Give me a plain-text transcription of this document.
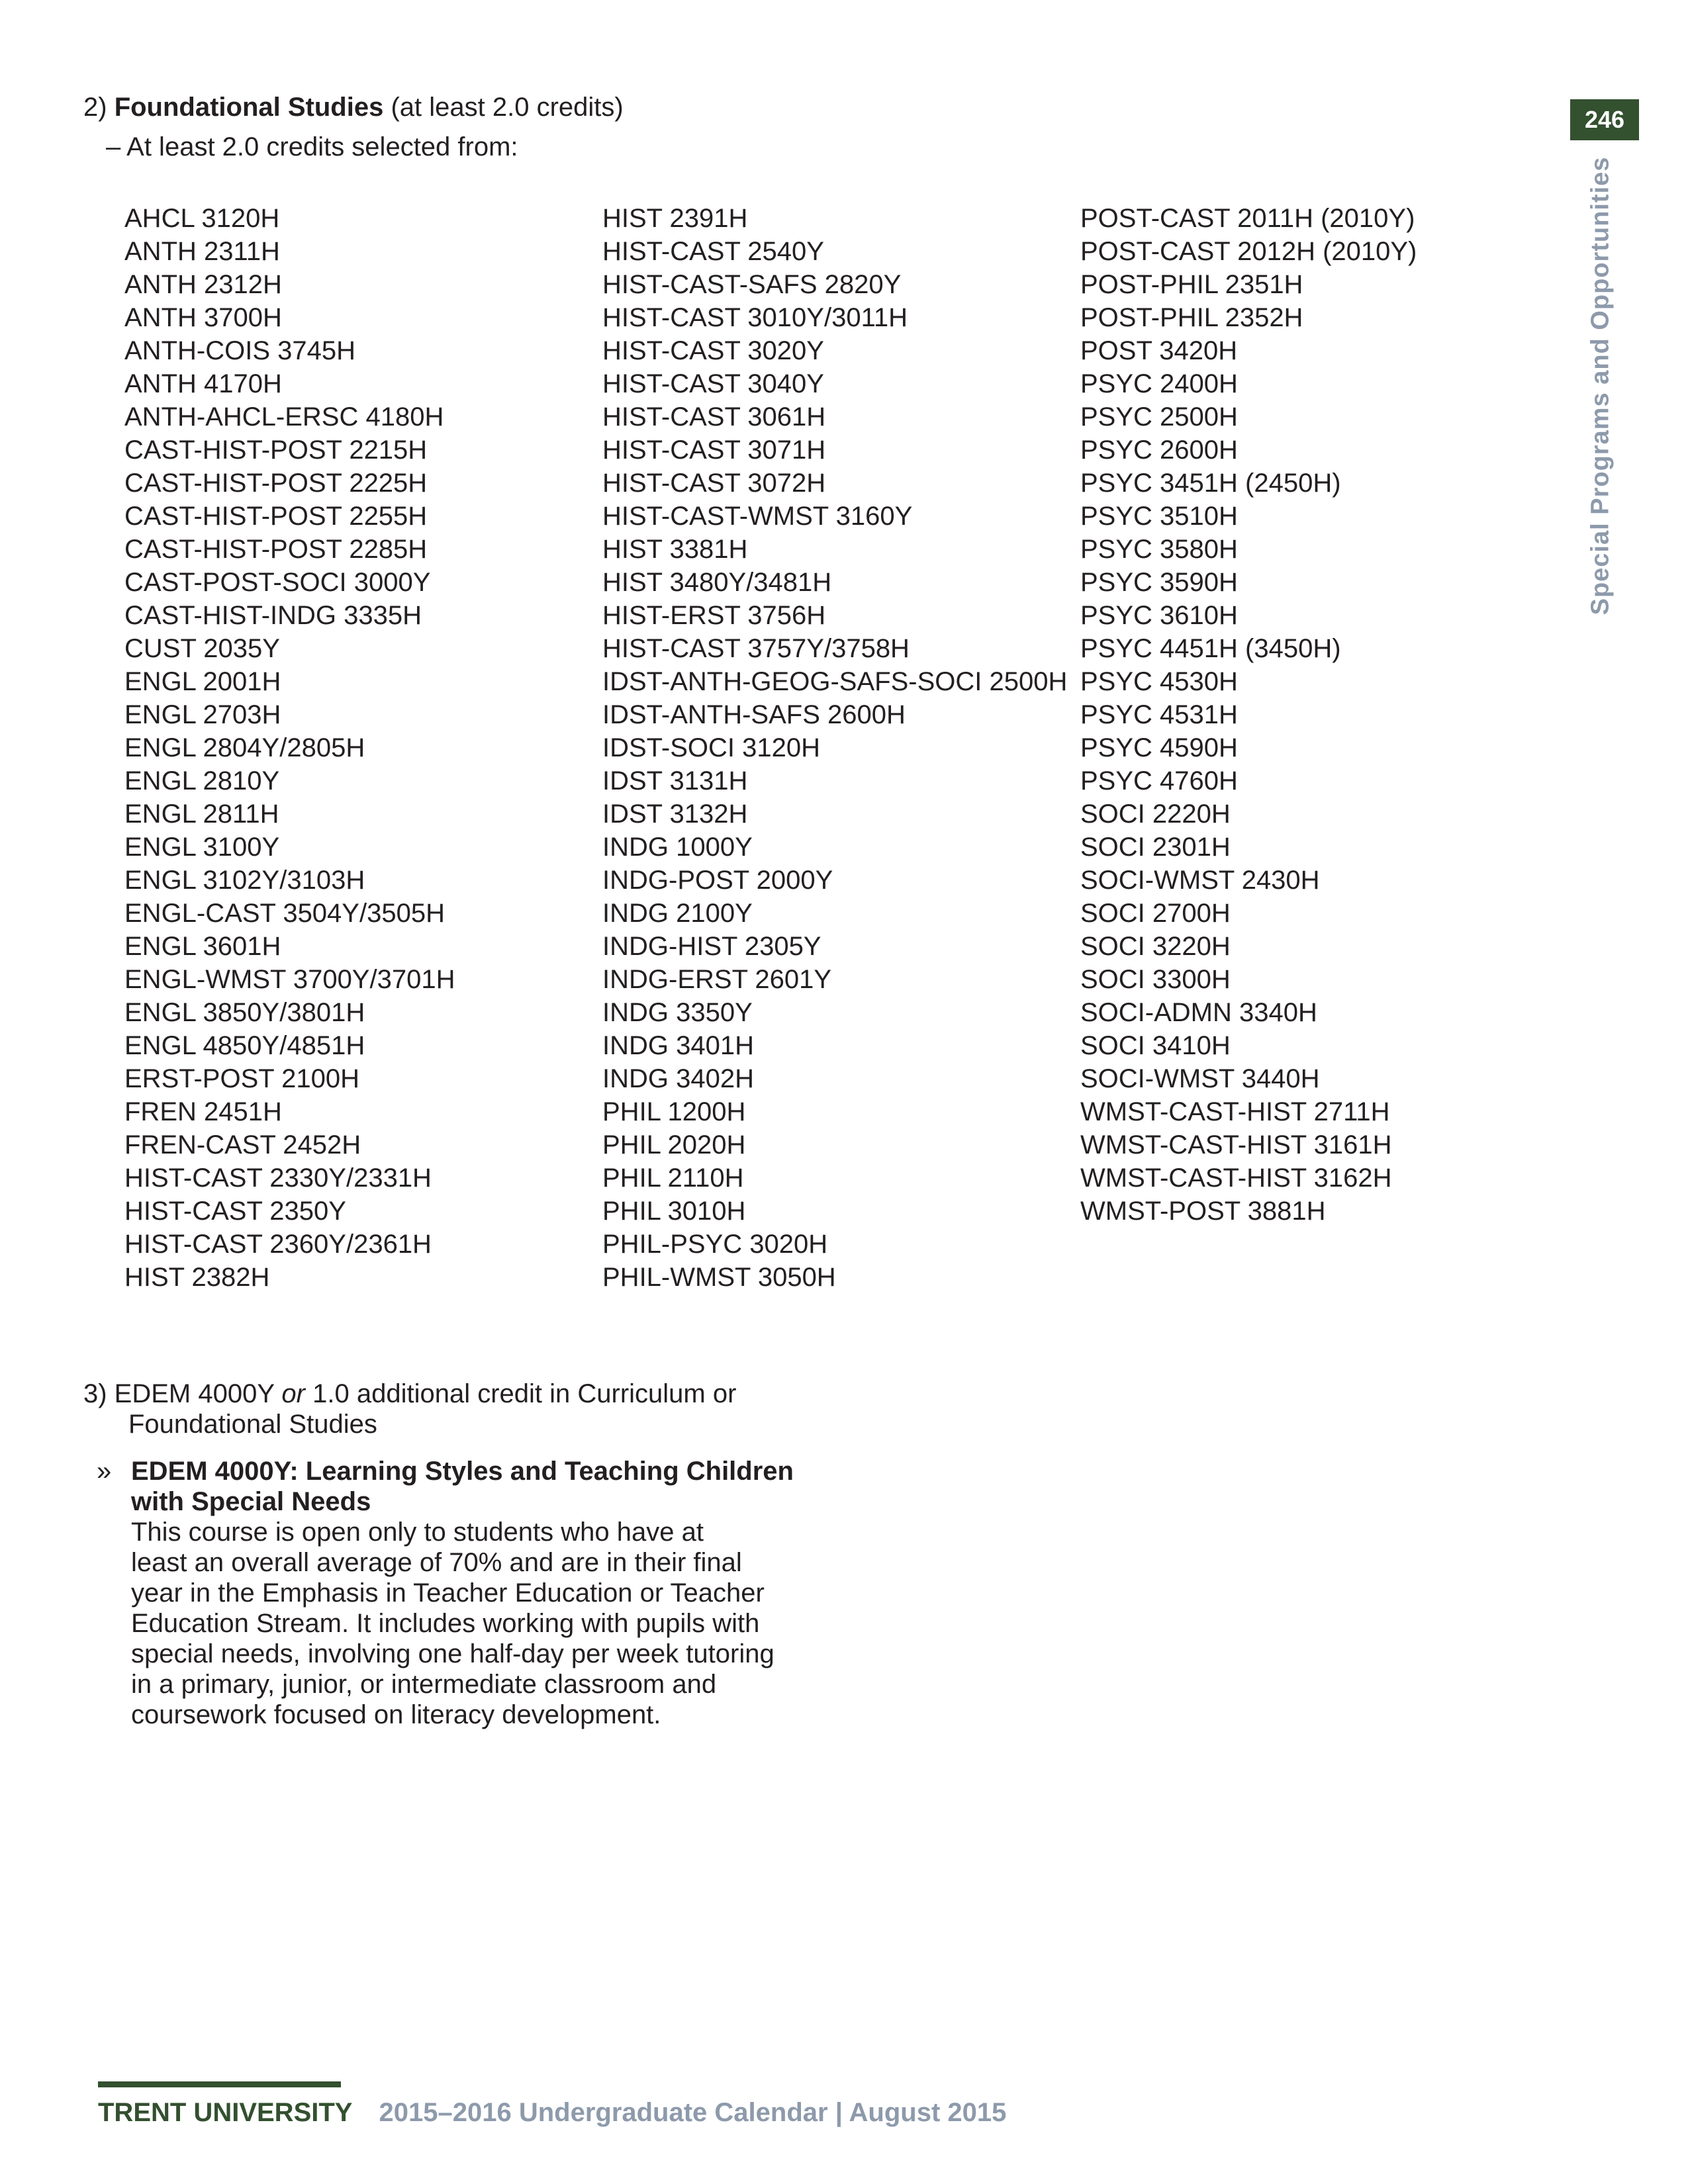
246
Special Programs and Opportunities
2) Foundational Studies (at least 2.0 credits)
– At least 2.0 credits selected from:
AHCL 3120H
ANTH 2311H
ANTH 2312H
ANTH 3700H
ANTH-COIS 3745H
ANTH 4170H
ANTH-AHCL-ERSC 4180H
CAST-HIST-POST 2215H
CAST-HIST-POST 2225H
CAST-HIST-POST 2255H
CAST-HIST-POST 2285H
CAST-POST-SOCI 3000Y
CAST-HIST-INDG 3335H
CUST 2035Y
ENGL 2001H
ENGL 2703H
ENGL 2804Y/2805H
ENGL 2810Y
ENGL 2811H
ENGL 3100Y
ENGL 3102Y/3103H
ENGL-CAST 3504Y/3505H
ENGL 3601H
ENGL-WMST 3700Y/3701H
ENGL 3850Y/3801H
ENGL 4850Y/4851H
ERST-POST 2100H
FREN 2451H
FREN-CAST 2452H
HIST-CAST 2330Y/2331H
HIST-CAST 2350Y
HIST-CAST 2360Y/2361H
HIST 2382H
HIST 2391H
HIST-CAST 2540Y
HIST-CAST-SAFS 2820Y
HIST-CAST 3010Y/3011H
HIST-CAST 3020Y
HIST-CAST 3040Y
HIST-CAST 3061H
HIST-CAST 3071H
HIST-CAST 3072H
HIST-CAST-WMST 3160Y
HIST 3381H
HIST 3480Y/3481H
HIST-ERST 3756H
HIST-CAST 3757Y/3758H
IDST-ANTH-GEOG-SAFS-SOCI 2500H
IDST-ANTH-SAFS 2600H
IDST-SOCI 3120H
IDST 3131H
IDST 3132H
INDG 1000Y
INDG-POST 2000Y
INDG 2100Y
INDG-HIST 2305Y
INDG-ERST 2601Y
INDG 3350Y
INDG 3401H
INDG 3402H
PHIL 1200H
PHIL 2020H
PHIL 2110H
PHIL 3010H
PHIL-PSYC 3020H
PHIL-WMST 3050H
POST-CAST 2011H (2010Y)
POST-CAST 2012H (2010Y)
POST-PHIL 2351H
POST-PHIL 2352H
POST 3420H
PSYC 2400H
PSYC 2500H
PSYC 2600H
PSYC 3451H (2450H)
PSYC 3510H
PSYC 3580H
PSYC 3590H
PSYC 3610H
PSYC 4451H (3450H)
PSYC 4530H
PSYC 4531H
PSYC 4590H
PSYC 4760H
SOCI 2220H
SOCI 2301H
SOCI-WMST 2430H
SOCI 2700H
SOCI 3220H
SOCI 3300H
SOCI-ADMN 3340H
SOCI 3410H
SOCI-WMST 3440H
WMST-CAST-HIST 2711H
WMST-CAST-HIST 3161H
WMST-CAST-HIST 3162H
WMST-POST 3881H
3) EDEM 4000Y or 1.0 additional credit in Curriculum or
Foundational Studies
» EDEM 4000Y: Learning Styles and Teaching Children
with Special Needs
This course is open only to students who have at
least an overall average of 70% and are in their final
year in the Emphasis in Teacher Education or Teacher
Education Stream. It includes working with pupils with
special needs, involving one half-day per week tutoring
in a primary, junior, or intermediate classroom and
coursework focused on literacy development.
TRENT UNIVERSITY 2015–2016 Undergraduate Calendar | August 2015
